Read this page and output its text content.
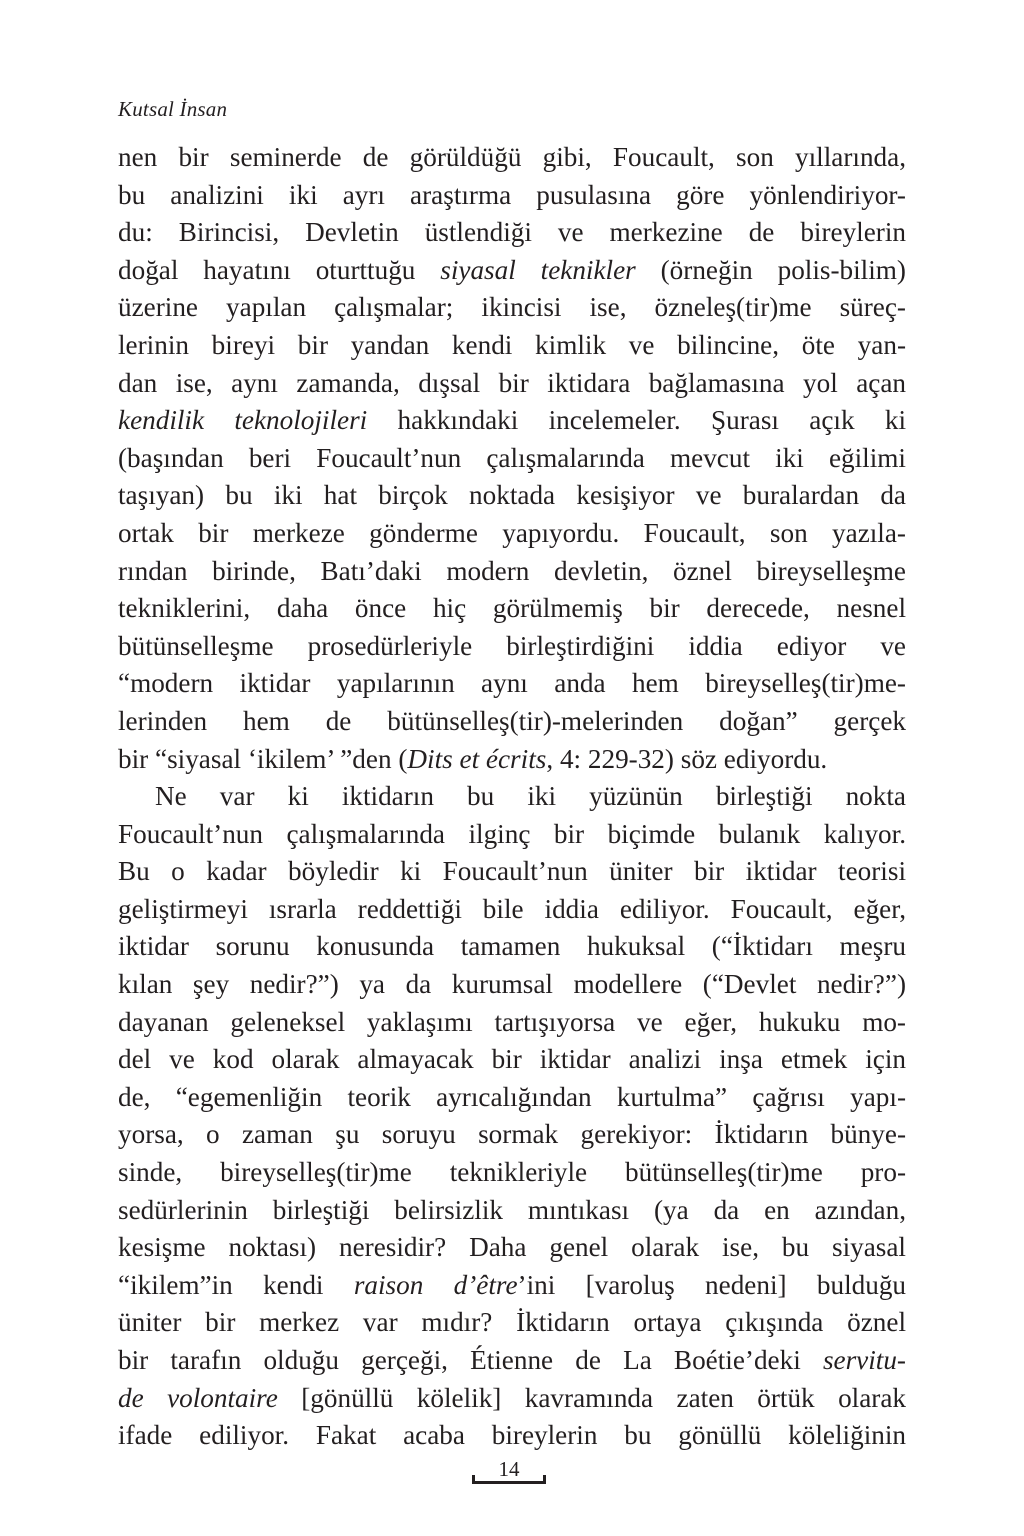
Kutsal İnsan
nen bir seminerde de görüldüğü gibi, Foucault, son yıllarında,
bu analizini iki ayrı araştırma pusulasına göre yönlendiriyor-
du: Birincisi, Devletin üstlendiği ve merkezine de bireylerin
doğal hayatını oturttuğu siyasal teknikler (örneğin polis-bilim)
üzerine yapılan çalışmalar; ikincisi ise, özneleş(tir)me süreç-
lerinin bireyi bir yandan kendi kimlik ve bilincine, öte yan-
dan ise, aynı zamanda, dışsal bir iktidara bağlamasına yol açan
kendilik teknolojileri hakkındaki incelemeler. Şurası açık ki
(başından beri Foucault’nun çalışmalarında mevcut iki eğilimi
taşıyan) bu iki hat birçok noktada kesişiyor ve buralardan da
ortak bir merkeze gönderme yapıyordu. Foucault, son yazıla-
rından birinde, Batı’daki modern devletin, öznel bireyselleşme
tekniklerini, daha önce hiç görülmemiş bir derecede, nesnel
bütünselleşme prosedürleriyle birleştirdiğini iddia ediyor ve
“modern iktidar yapılarının aynı anda hem bireyselleş(tir)me-
lerinden hem de bütünselleş(tir)-melerinden doğan” gerçek
bir “siyasal ‘ikilem’ ”den (Dits et écrits, 4: 229-32) söz ediyordu.
Ne var ki iktidarın bu iki yüzünün birleştiği nokta
Foucault’nun çalışmalarında ilginç bir biçimde bulanık kalıyor.
Bu o kadar böyledir ki Foucault’nun üniter bir iktidar teorisi
geliştirmeyi ısrarla reddettiği bile iddia ediliyor. Foucault, eğer,
iktidar sorunu konusunda tamamen hukuksal (“İktidarı meşru
kılan şey nedir?”) ya da kurumsal modellere (“Devlet nedir?”)
dayanan geleneksel yaklaşımı tartışıyorsa ve eğer, hukuku mo-
del ve kod olarak almayacak bir iktidar analizi inşa etmek için
de, “egemenliğin teorik ayrıcalığından kurtulma” çağrısı yapı-
yorsa, o zaman şu soruyu sormak gerekiyor: İktidarın bünye-
sinde, bireyselleş(tir)me teknikleriyle bütünselleş(tir)me pro-
sedürlerinin birleştiği belirsizlik mıntıkası (ya da en azından,
kesişme noktası) neresidir? Daha genel olarak ise, bu siyasal
“ikilem”in kendi raison d’être’ini [varoluş nedeni] bulduğu
üniter bir merkez var mıdır? İktidarın ortaya çıkışında öznel
bir tarafın olduğu gerçeği, Étienne de La Boétie’deki servitu-
de volontaire [gönüllü kölelik] kavramında zaten örtük olarak
ifade ediliyor. Fakat acaba bireylerin bu gönüllü köleliğinin
14
